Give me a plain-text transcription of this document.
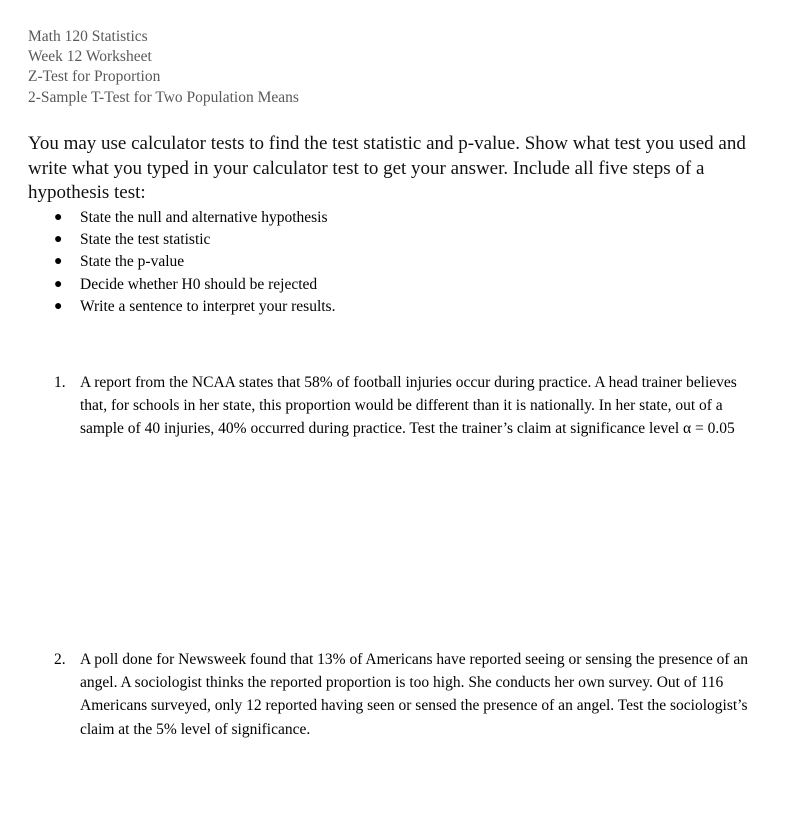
Math 120 Statistics
Week 12 Worksheet
Z-Test for Proportion
2-Sample T-Test for Two Population Means
You may use calculator tests to find the test statistic and p-value. Show what test you used and write what you typed in your calculator test to get your answer. Include all five steps of a hypothesis test:
● State the null and alternative hypothesis
● State the test statistic
● State the p-value
● Decide whether H0 should be rejected
● Write a sentence to interpret your results.
1. A report from the NCAA states that 58% of football injuries occur during practice. A head trainer believes that, for schools in her state, this proportion would be different than it is nationally. In her state, out of a sample of 40 injuries, 40% occurred during practice. Test the trainer’s claim at significance level α = 0.05
2. A poll done for Newsweek found that 13% of Americans have reported seeing or sensing the presence of an angel. A sociologist thinks the reported proportion is too high. She conducts her own survey. Out of 116 Americans surveyed, only 12 reported having seen or sensed the presence of an angel. Test the sociologist’s claim at the 5% level of significance.
